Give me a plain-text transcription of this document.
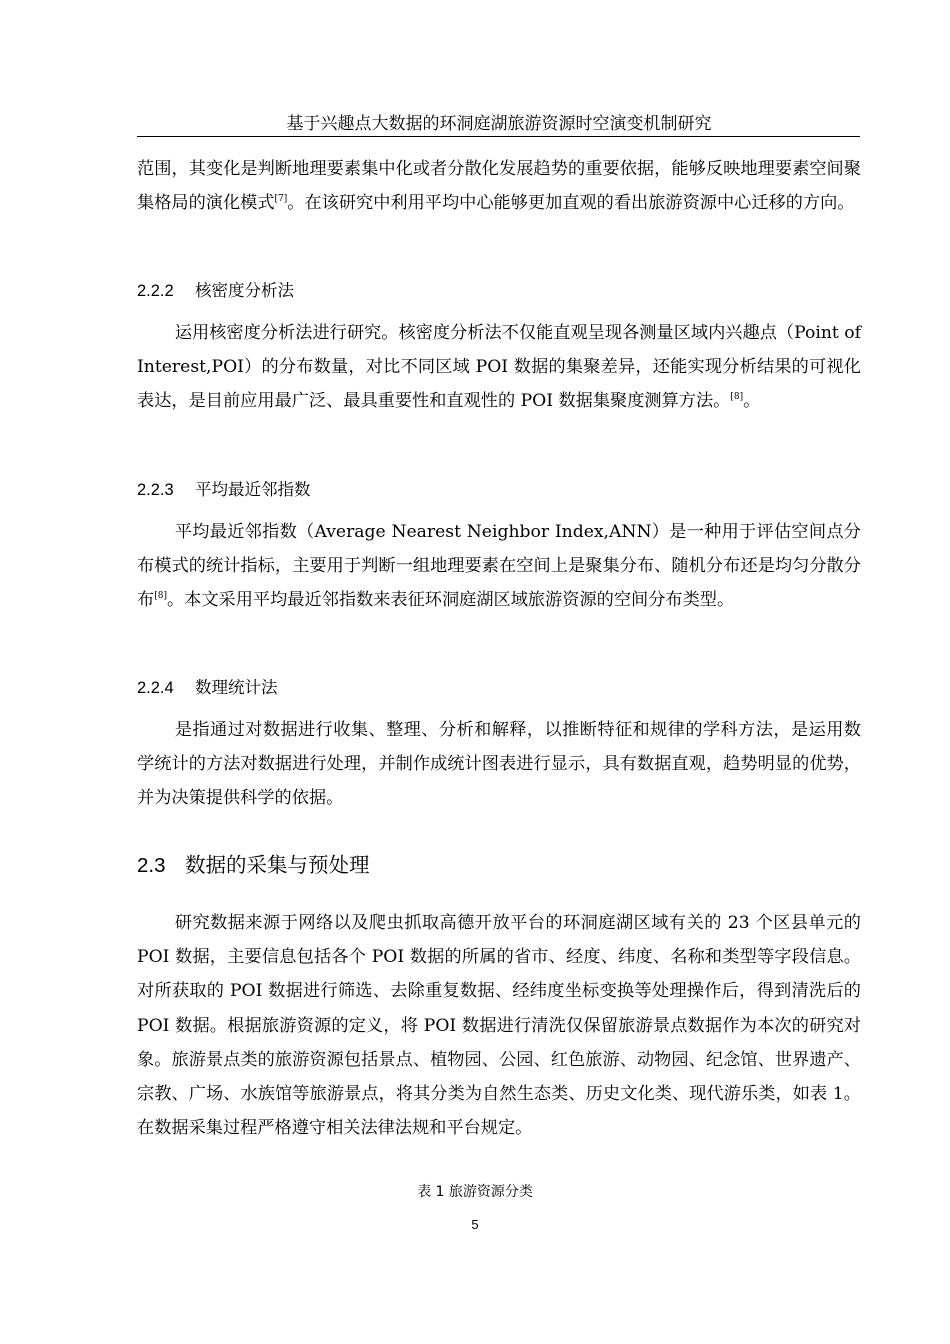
基于兴趣点大数据的环洞庭湖旅游资源时空演变机制研究

范围，其变化是判断地理要素集中化或者分散化发展趋势的重要依据，能够反映地理要素空间聚集格局的演化模式[7]。在该研究中利用平均中心能够更加直观的看出旅游资源中心迁移的方向。

2.2.2 核密度分析法

运用核密度分析法进行研究。核密度分析法不仅能直观呈现各测量区域内兴趣点（Point of Interest,POI）的分布数量，对比不同区域 POI 数据的集聚差异，还能实现分析结果的可视化表达，是目前应用最广泛、最具重要性和直观性的 POI 数据集聚度测算方法。[8]。

2.2.3 平均最近邻指数

平均最近邻指数（Average Nearest Neighbor Index,ANN）是一种用于评估空间点分布模式的统计指标，主要用于判断一组地理要素在空间上是聚集分布、随机分布还是均匀分散分布[8]。本文采用平均最近邻指数来表征环洞庭湖区域旅游资源的空间分布类型。

2.2.4 数理统计法

是指通过对数据进行收集、整理、分析和解释，以推断特征和规律的学科方法，是运用数学统计的方法对数据进行处理，并制作成统计图表进行显示，具有数据直观，趋势明显的优势，并为决策提供科学的依据。

2.3 数据的采集与预处理

研究数据来源于网络以及爬虫抓取高德开放平台的环洞庭湖区域有关的 23 个区县单元的 POI 数据，主要信息包括各个 POI 数据的所属的省市、经度、纬度、名称和类型等字段信息。对所获取的 POI 数据进行筛选、去除重复数据、经纬度坐标变换等处理操作后，得到清洗后的 POI 数据。根据旅游资源的定义，将 POI 数据进行清洗仅保留旅游景点数据作为本次的研究对象。旅游景点类的旅游资源包括景点、植物园、公园、红色旅游、动物园、纪念馆、世界遗产、宗教、广场、水族馆等旅游景点，将其分类为自然生态类、历史文化类、现代游乐类，如表 1。在数据采集过程严格遵守相关法律法规和平台规定。

表 1 旅游资源分类
5
